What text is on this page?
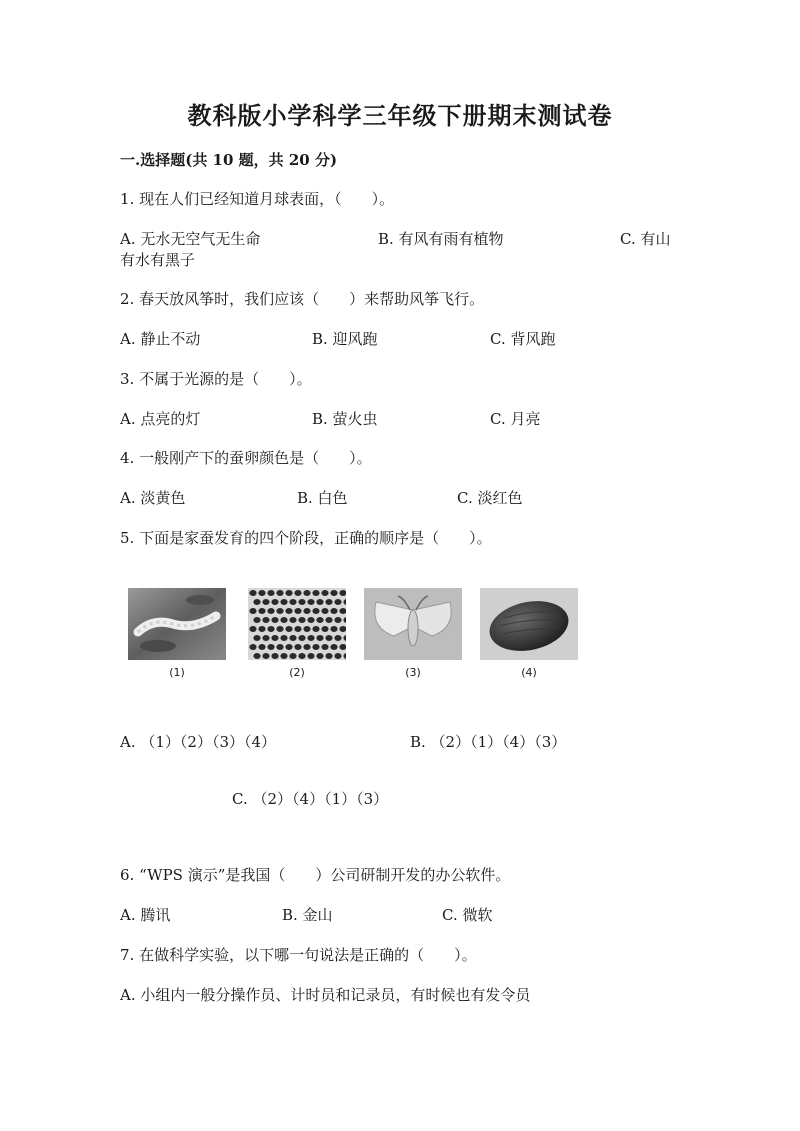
教科版小学科学三年级下册期末测试卷
一.选择题(共 10 题，共 20 分)
1. 现在人们已经知道月球表面，（　　）。
A. 无水无空气无生命	B. 有风有雨有植物	C. 有山
有水有黑子
2. 春天放风筝时，我们应该（　　）来帮助风筝飞行。
A. 静止不动	B. 迎风跑	C. 背风跑
3. 不属于光源的是（　　）。
A. 点亮的灯	B. 萤火虫	C. 月亮
4. 一般刚产下的蚕卵颜色是（　　）。
A. 淡黄色	B. 白色	C. 淡红色
5. 下面是家蚕发育的四个阶段，正确的顺序是（　　）。
(1)	(2)	(3)	(4)
A. （1）（2）（3）（4）	B. （2）（1）（4）（3）
C. （2）（4）（1）（3）
6. “WPS 演示”是我国（　　）公司研制开发的办公软件。
A. 腾讯	B. 金山	C. 微软
7. 在做科学实验，以下哪一句说法是正确的（　　）。
A. 小组内一般分操作员、计时员和记录员，有时候也有发令员
